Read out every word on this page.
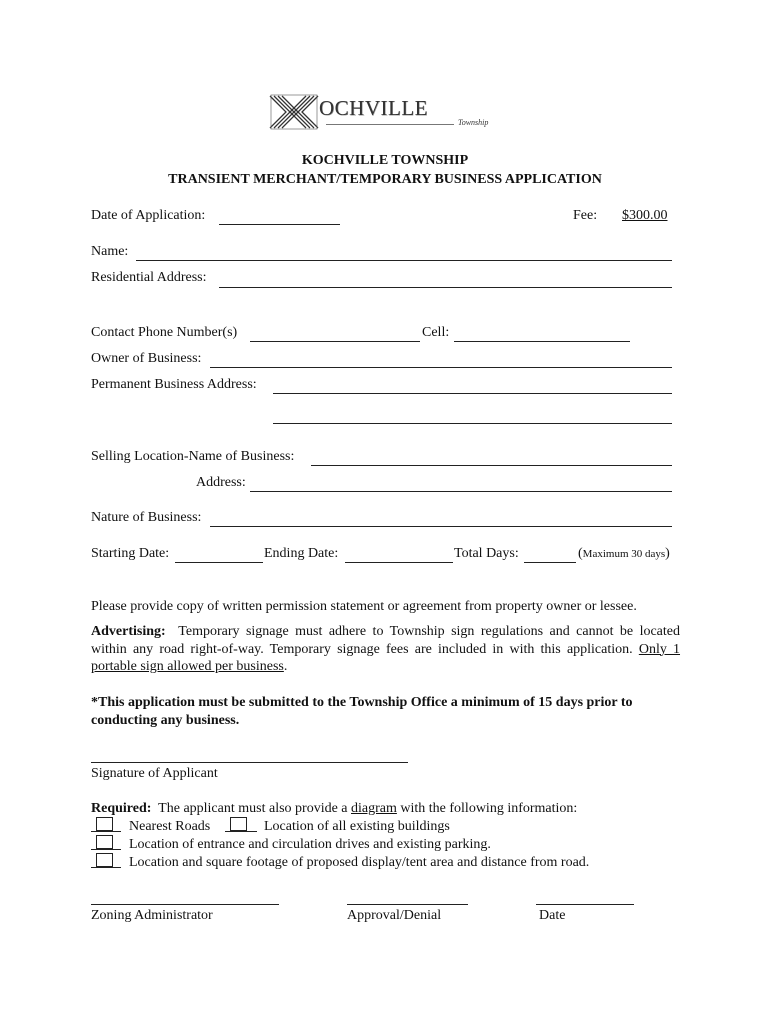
OCHVILLE
Township
KOCHVILLE TOWNSHIP
TRANSIENT MERCHANT/TEMPORARY BUSINESS APPLICATION
Date of Application:	Fee: $300.00
Name:
Residential Address:
Contact Phone Number(s)	Cell:
Owner of Business:
Permanent Business Address:
Selling Location-Name of Business:
Address:
Nature of Business:
Starting Date:	Ending Date:	Total Days:	(Maximum 30 days)
Please provide copy of written permission statement or agreement from property owner or lessee.
Advertising: Temporary signage must adhere to Township sign regulations and cannot be located within any road right-of-way. Temporary signage fees are included in with this application. Only 1 portable sign allowed per business.
*This application must be submitted to the Township Office a minimum of 15 days prior to conducting any business.
Signature of Applicant
Required: The applicant must also provide a diagram with the following information:
Nearest Roads	Location of all existing buildings
Location of entrance and circulation drives and existing parking.
Location and square footage of proposed display/tent area and distance from road.
Zoning Administrator	Approval/Denial	Date
